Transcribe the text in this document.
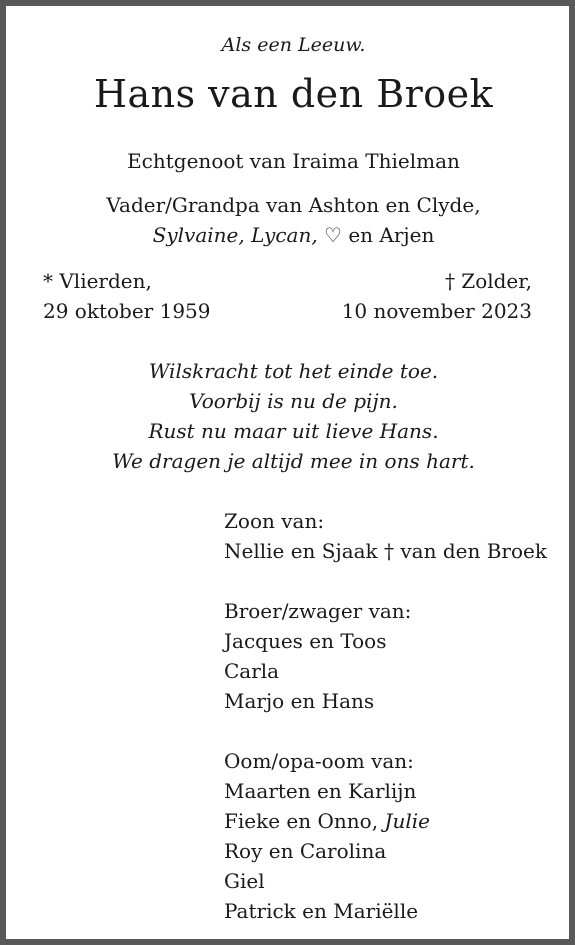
Als een Leeuw.
Hans van den Broek
Echtgenoot van Iraima Thielman
Vader/Grandpa van Ashton en Clyde,
Sylvaine, Lycan, ♡ en Arjen
* Vlierden,
29 oktober 1959
† Zolder,
10 november 2023
Wilskracht tot het einde toe.
Voorbij is nu de pijn.
Rust nu maar uit lieve Hans.
We dragen je altijd mee in ons hart.
Zoon van:
Nellie en Sjaak † van den Broek
Broer/zwager van:
Jacques en Toos
Carla
Marjo en Hans
Oom/opa-oom van:
Maarten en Karlijn
Fieke en Onno, Julie
Roy en Carolina
Giel
Patrick en Mariëlle
